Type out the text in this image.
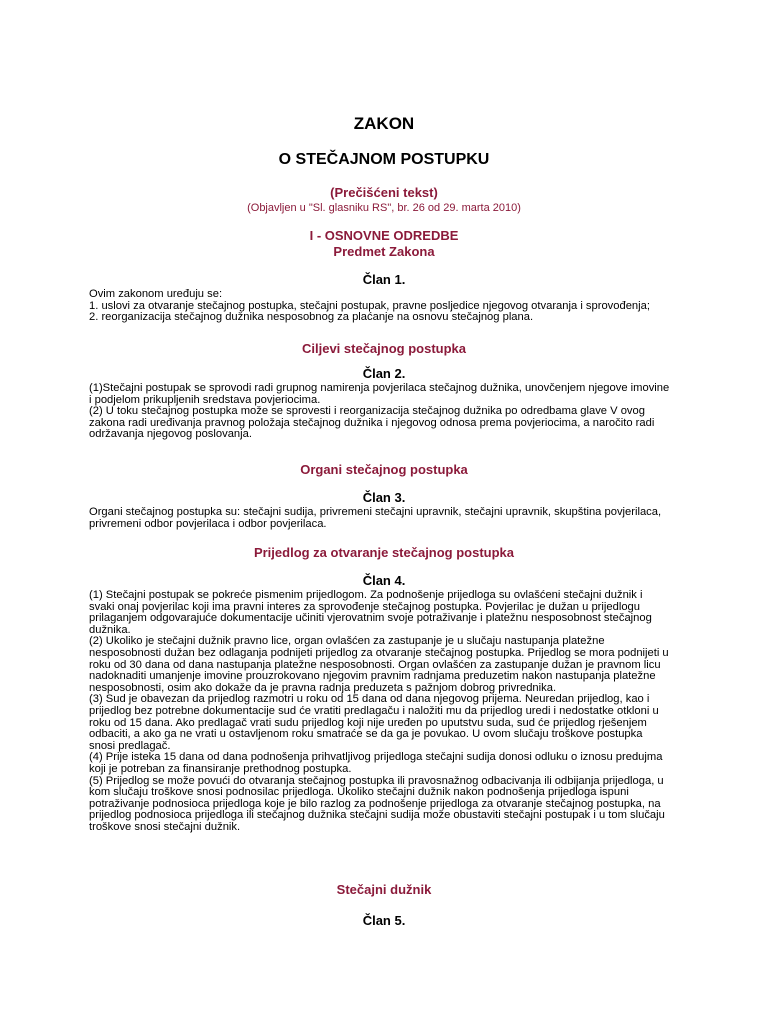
ZAKON
O STEČAJNOM POSTUPKU
(Prečišćeni tekst)
(Objavljen u "Sl. glasniku RS", br. 26 od 29. marta 2010)
I - OSNOVNE ODREDBE
Predmet Zakona
Član 1.
Ovim zakonom uređuju se:
1. uslovi za otvaranje stečajnog postupka, stečajni postupak, pravne posljedice njegovog otvaranja i sprovođenja;
2. reorganizacija stečajnog dužnika nesposobnog za plaćanje na osnovu stečajnog plana.
Ciljevi stečajnog postupka
Član 2.
(1)Stečajni postupak se sprovodi radi grupnog namirenja povjerilaca stečajnog dužnika, unovčenjem njegove imovine
i podjelom prikupljenih sredstava povjeriocima.
(2) U toku stečajnog postupka može se sprovesti i reorganizacija stečajnog dužnika po odredbama glave V ovog
zakona radi uređivanja pravnog položaja stečajnog dužnika i njegovog odnosa prema povjeriocima, a naročito radi
održavanja njegovog poslovanja.
Organi stečajnog postupka
Član 3.
Organi stečajnog postupka su: stečajni sudija, privremeni stečajni upravnik, stečajni upravnik, skupština povjerilaca,
privremeni odbor povjerilaca i odbor povjerilaca.
Prijedlog za otvaranje stečajnog postupka
Član 4.
(1) Stečajni postupak se pokreće pismenim prijedlogom. Za podnošenje prijedloga su ovlašćeni stečajni dužnik i
svaki onaj povjerilac koji ima pravni interes za sprovođenje stečajnog postupka. Povjerilac je dužan u prijedlogu
prilaganjem odgovarajuće dokumentacije učiniti vjerovatnim svoje potraživanje i platežnu nesposobnost stečajnog
dužnika.
(2) Ukoliko je stečajni dužnik pravno lice, organ ovlašćen za zastupanje je u slučaju nastupanja platežne
nesposobnosti dužan bez odlaganja podnijeti prijedlog za otvaranje stečajnog postupka. Prijedlog se mora podnijeti u
roku od 30 dana od dana nastupanja platežne nesposobnosti. Organ ovlašćen za zastupanje dužan je pravnom licu
nadoknaditi umanjenje imovine prouzrokovano njegovim pravnim radnjama preduzetim nakon nastupanja platežne
nesposobnosti, osim ako dokaže da je pravna radnja preduzeta s pažnjom dobrog privrednika.
(3) Sud je obavezan da prijedlog razmotri u roku od 15 dana od dana njegovog prijema. Neuredan prijedlog, kao i
prijedlog bez potrebne dokumentacije sud će vratiti predlagaču i naložiti mu da prijedlog uredi i nedostatke otkloni u
roku od 15 dana. Ako predlagač vrati sudu prijedlog koji nije uređen po uputstvu suda, sud će prijedlog rješenjem
odbaciti, a ako ga ne vrati u ostavljenom roku smatraće se da ga je povukao. U ovom slučaju troškove postupka
snosi predlagač.
(4) Prije isteka 15 dana od dana podnošenja prihvatljivog prijedloga stečajni sudija donosi odluku o iznosu predujma
koji je potreban za finansiranje prethodnog postupka.
(5) Prijedlog se može povući do otvaranja stečajnog postupka ili pravosnažnog odbacivanja ili odbijanja prijedloga, u
kom slučaju troškove snosi podnosilac prijedloga. Ukoliko stečajni dužnik nakon podnošenja prijedloga ispuni
potraživanje podnosioca prijedloga koje je bilo razlog za podnošenje prijedloga za otvaranje stečajnog postupka, na
prijedlog podnosioca prijedloga ili stečajnog dužnika stečajni sudija može obustaviti stečajni postupak i u tom slučaju
troškove snosi stečajni dužnik.
Stečajni dužnik
Član 5.
